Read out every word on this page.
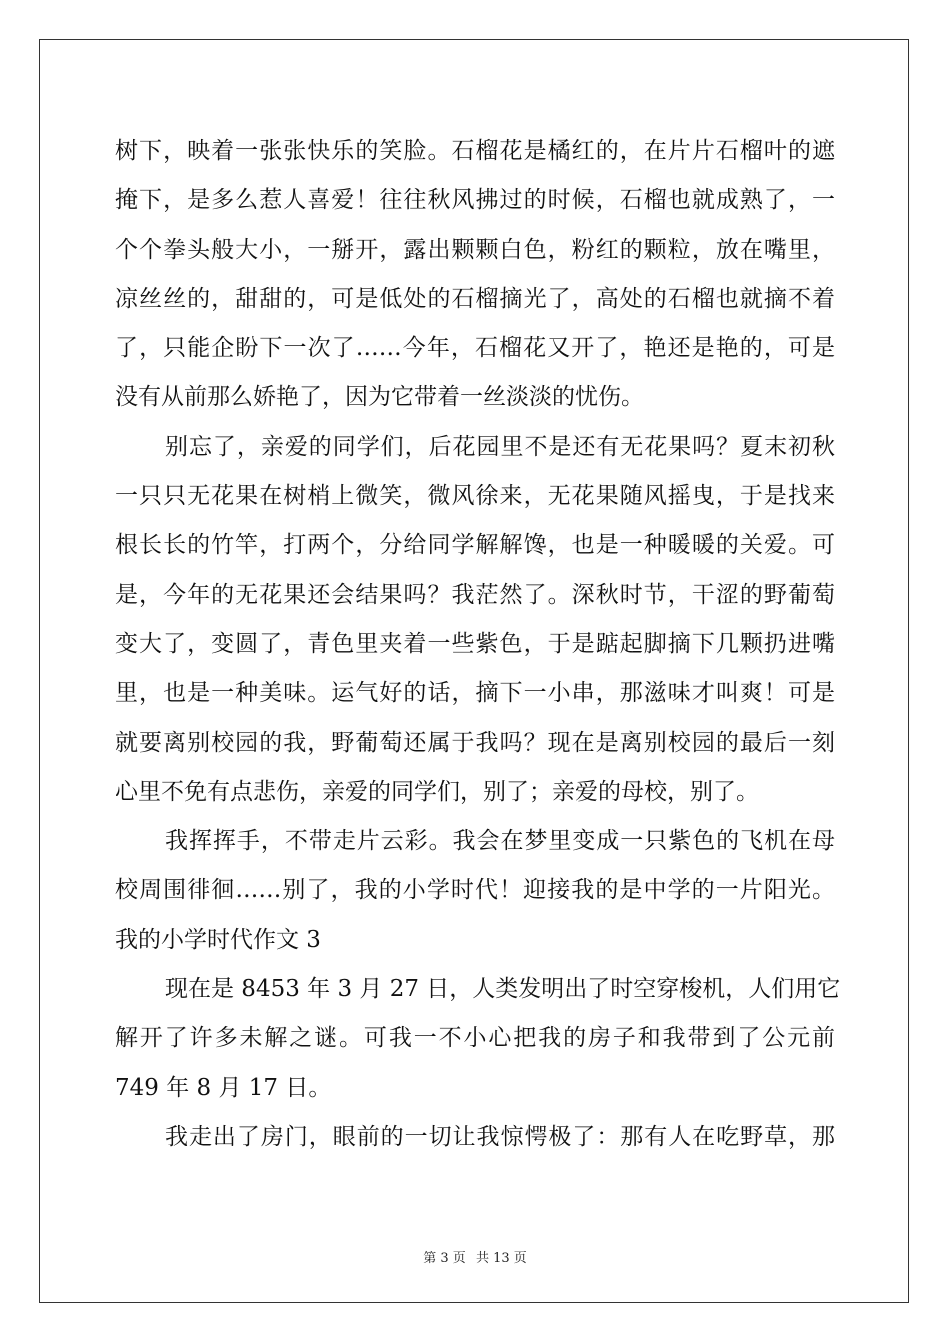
树下，映着一张张快乐的笑脸。石榴花是橘红的，在片片石榴叶的遮
掩下，是多么惹人喜爱！往往秋风拂过的时候，石榴也就成熟了，一
个个拳头般大小，一掰开，露出颗颗白色，粉红的颗粒，放在嘴里，
凉丝丝的，甜甜的，可是低处的石榴摘光了，高处的石榴也就摘不着
了，只能企盼下一次了……今年，石榴花又开了，艳还是艳的，可是
没有从前那么娇艳了，因为它带着一丝淡淡的忧伤。
别忘了，亲爱的同学们，后花园里不是还有无花果吗？夏末初秋
一只只无花果在树梢上微笑，微风徐来，无花果随风摇曳，于是找来
根长长的竹竿，打两个，分给同学解解馋，也是一种暖暖的关爱。可
是，今年的无花果还会结果吗？我茫然了。深秋时节，干涩的野葡萄
变大了，变圆了，青色里夹着一些紫色，于是踮起脚摘下几颗扔进嘴
里，也是一种美味。运气好的话，摘下一小串，那滋味才叫爽！可是
就要离别校园的我，野葡萄还属于我吗？现在是离别校园的最后一刻
心里不免有点悲伤，亲爱的同学们，别了；亲爱的母校，别了。
我挥挥手，不带走片云彩。我会在梦里变成一只紫色的飞机在母
校周围徘徊……别了，我的小学时代！迎接我的是中学的一片阳光。
我的小学时代作文 3
现在是 8453 年 3 月 27 日，人类发明出了时空穿梭机，人们用它
解开了许多未解之谜。可我一不小心把我的房子和我带到了公元前
749 年 8 月 17 日。
我走出了房门，眼前的一切让我惊愕极了：那有人在吃野草，那
第 3 页 共 13 页
